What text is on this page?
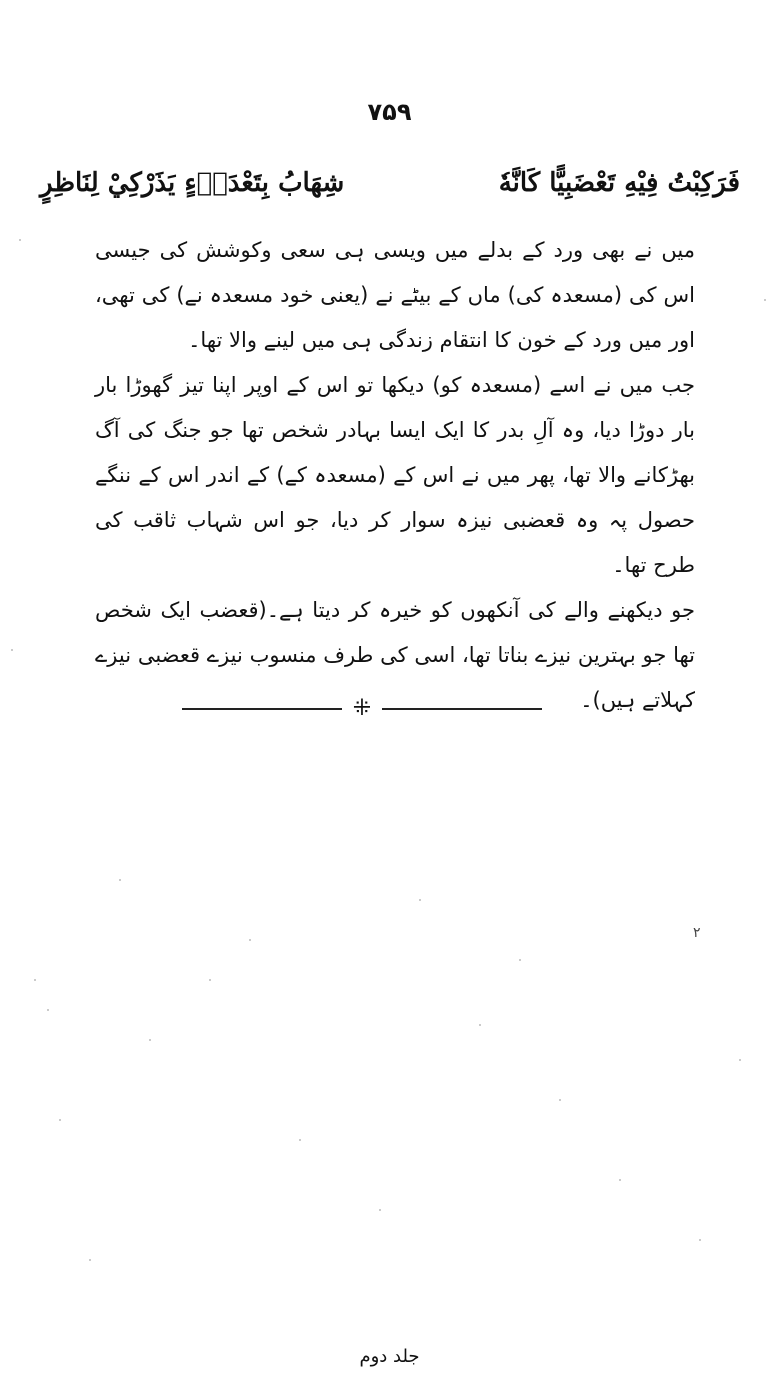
۷۵۹
فَرَكِبْتُ فِيْهِ تَعْضَبِيًّا كَانَّهٗ
شِهَابُ بِتَعْدَاۤءٍ يَذَرْكِيْ لِنَاظِرٍ

میں نے بھی ورد کے بدلے میں ویسی ہی سعی وکوشش کی جیسی اس کی (مسعدہ کی) ماں کے بیٹے نے (یعنی خود مسعدہ نے) کی تھی، اور میں ورد کے خون کا انتقام زندگی ہی میں لینے والا تھا۔

جب میں نے اسے (مسعدہ کو) دیکھا تو اس کے اوپر اپنا تیز گھوڑا بار بار دوڑا دیا، وہ آلِ بدر کا ایک ایسا بہادر شخص تھا جو جنگ کی آگ بھڑکانے والا تھا، پھر میں نے اس کے (مسعدہ کے) کے اندر اس کے ننگے حصول پہ وہ قعضبی نیزہ سوار کر دیا، جو اس شہاب ثاقب کی طرح تھا۔

جو دیکھنے والے کی آنکھوں کو خیرہ کر دیتا ہے۔(قعضب ایک شخص تھا جو بہترین نیزے بناتا تھا، اسی کی طرف منسوب نیزے قعضبی نیزے کہلاتے ہیں)۔

⁜
۲
جلد دوم
